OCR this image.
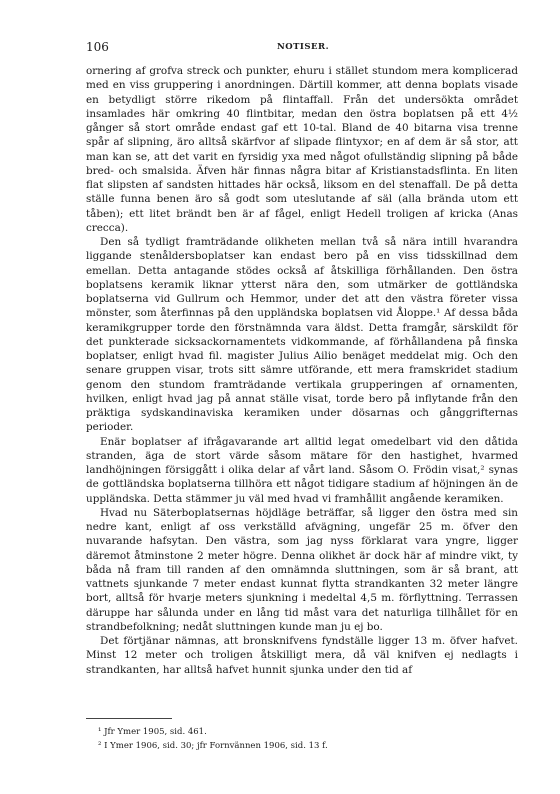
106	NOTISER.

ornering af grofva streck och punkter, ehuru i stället stundom mera komplicerad med en viss gruppering i anordningen. Därtill kommer, att denna boplats visade en betydligt större rikedom på flintaffall. Från det undersökta området insamlades här omkring 40 flintbitar, medan den östra boplatsen på ett 4½ gånger så stort område endast gaf ett 10-tal. Bland de 40 bitarna visa trenne spår af slipning, äro alltså skärfvor af slipade flintyxor; en af dem är så stor, att man kan se, att det varit en fyrsidig yxa med något ofullständig slipning på både bred- och smalsida. Äfven här finnas några bitar af Kristianstadsflinta. En liten flat slipsten af sandsten hittades här också, liksom en del stenaffall. De på detta ställe funna benen äro så godt som uteslutande af säl (alla brända utom ett tåben); ett litet brändt ben är af fågel, enligt Hedell troligen af kricka (Anas crecca).

Den så tydligt framträdande olikheten mellan två så nära intill hvarandra liggande stenåldersboplatser kan endast bero på en viss tidsskillnad dem emellan. Detta antagande stödes också af åtskilliga förhållanden. Den östra boplatsens keramik liknar ytterst nära den, som utmärker de gottländska boplatserna vid Gullrum och Hemmor, under det att den västra företer vissa mönster, som återfinnas på den uppländska boplatsen vid Åloppe.¹ Af dessa båda keramikgrupper torde den förstnämnda vara äldst. Detta framgår, särskildt för det punkterade sicksackornamentets vidkommande, af förhållandena på finska boplatser, enligt hvad fil. magister Julius Ailio benäget meddelat mig. Och den senare gruppen visar, trots sitt sämre utförande, ett mera framskridet stadium genom den stundom framträdande vertikala grupperingen af ornamenten, hvilken, enligt hvad jag på annat ställe visat, torde bero på inflytande från den präktiga sydskandinaviska keramiken under dösarnas och gånggrifternas perioder.

Enär boplatser af ifrågavarande art alltid legat omedelbart vid den dåtida stranden, äga de stort värde såsom mätare för den hastighet, hvarmed landhöjningen försiggått i olika delar af vårt land. Såsom O. Frödin visat,² synas de gottländska boplatserna tillhöra ett något tidigare stadium af höjningen än de uppländska. Detta stämmer ju väl med hvad vi framhållit angående keramiken.

Hvad nu Säterboplatsernas höjdläge beträffar, så ligger den östra med sin nedre kant, enligt af oss verkställd afvägning, ungefär 25 m. öfver den nuvarande hafsytan. Den västra, som jag nyss förklarat vara yngre, ligger däremot åtminstone 2 meter högre. Denna olikhet är dock här af mindre vikt, ty båda nå fram till randen af den omnämnda sluttningen, som är så brant, att vattnets sjunkande 7 meter endast kunnat flytta strandkanten 32 meter längre bort, alltså för hvarje meters sjunkning i medeltal 4,5 m. förflyttning. Terrassen däruppe har sålunda under en lång tid måst vara det naturliga tillhållet för en strandbefolkning; nedåt sluttningen kunde man ju ej bo.

Det förtjänar nämnas, att bronsknifvens fyndställe ligger 13 m. öfver hafvet. Minst 12 meter och troligen åtskilligt mera, då väl knifven ej nedlagts i strandkanten, har alltså hafvet hunnit sjunka under den tid af

¹ Jfr Ymer 1905, sid. 461.
² I Ymer 1906, sid. 30; jfr Fornvännen 1906, sid. 13 f.
